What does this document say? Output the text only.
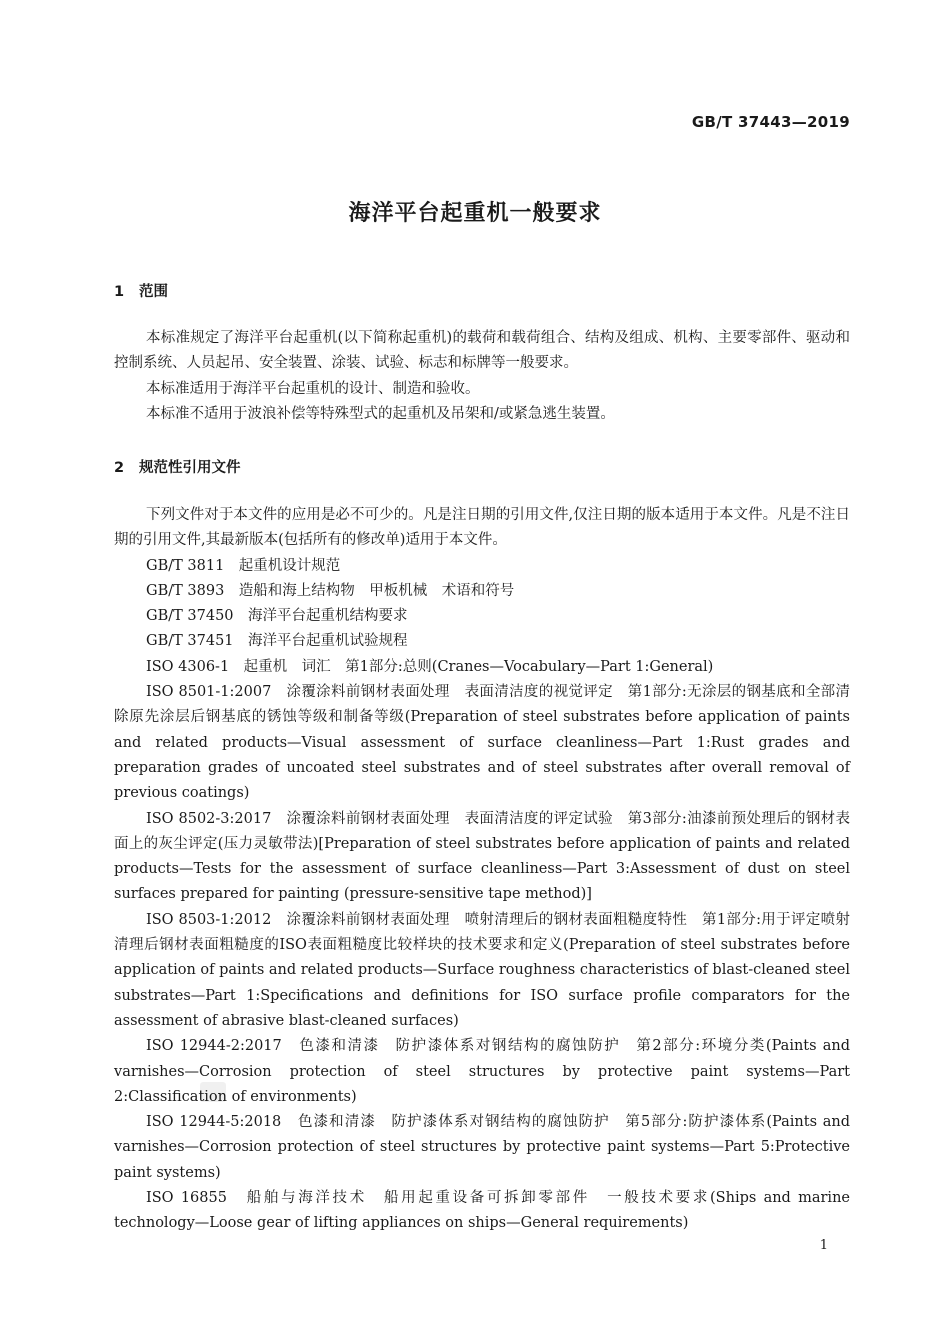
GB/T 37443—2019
海洋平台起重机一般要求
1 范围

本标准规定了海洋平台起重机(以下简称起重机)的载荷和载荷组合、结构及组成、机构、主要零部件、驱动和控制系统、人员起吊、安全装置、涂装、试验、标志和标牌等一般要求。

本标准适用于海洋平台起重机的设计、制造和验收。

本标准不适用于波浪补偿等特殊型式的起重机及吊架和/或紧急逃生装置。

2 规范性引用文件

下列文件对于本文件的应用是必不可少的。凡是注日期的引用文件,仅注日期的版本适用于本文件。凡是不注日期的引用文件,其最新版本(包括所有的修改单)适用于本文件。

GB/T 3811　起重机设计规范

GB/T 3893　造船和海上结构物　甲板机械　术语和符号

GB/T 37450　海洋平台起重机结构要求

GB/T 37451　海洋平台起重机试验规程

ISO 4306-1　起重机　词汇　第1部分:总则(Cranes—Vocabulary—Part 1:General)

ISO 8501-1:2007　涂覆涂料前钢材表面处理　表面清洁度的视觉评定　第1部分:无涂层的钢基底和全部清除原先涂层后钢基底的锈蚀等级和制备等级(Preparation of steel substrates before application of paints and related products—Visual assessment of surface cleanliness—Part 1:Rust grades and preparation grades of uncoated steel substrates and of steel substrates after overall removal of previous coatings)

ISO 8502-3:2017　涂覆涂料前钢材表面处理　表面清洁度的评定试验　第3部分:油漆前预处理后的钢材表面上的灰尘评定(压力灵敏带法)[Preparation of steel substrates before application of paints and related products—Tests for the assessment of surface cleanliness—Part 3:Assessment of dust on steel surfaces prepared for painting (pressure-sensitive tape method)]

ISO 8503-1:2012　涂覆涂料前钢材表面处理　喷射清理后的钢材表面粗糙度特性　第1部分:用于评定喷射清理后钢材表面粗糙度的ISO表面粗糙度比较样块的技术要求和定义(Preparation of steel substrates before application of paints and related products—Surface roughness characteristics of blast-cleaned steel substrates—Part 1:Specifications and definitions for ISO surface profile comparators for the assessment of abrasive blast-cleaned surfaces)

ISO 12944-2:2017　色漆和清漆　防护漆体系对钢结构的腐蚀防护　第2部分:环境分类(Paints and varnishes—Corrosion protection of steel structures by protective paint systems—Part 2:Classification of environments)

ISO 12944-5:2018　色漆和清漆　防护漆体系对钢结构的腐蚀防护　第5部分:防护漆体系(Paints and varnishes—Corrosion protection of steel structures by protective paint systems—Part 5:Protective paint systems)

ISO 16855　船舶与海洋技术　船用起重设备可拆卸零部件　一般技术要求(Ships and marine technology—Loose gear of lifting appliances on ships—General requirements)

1
